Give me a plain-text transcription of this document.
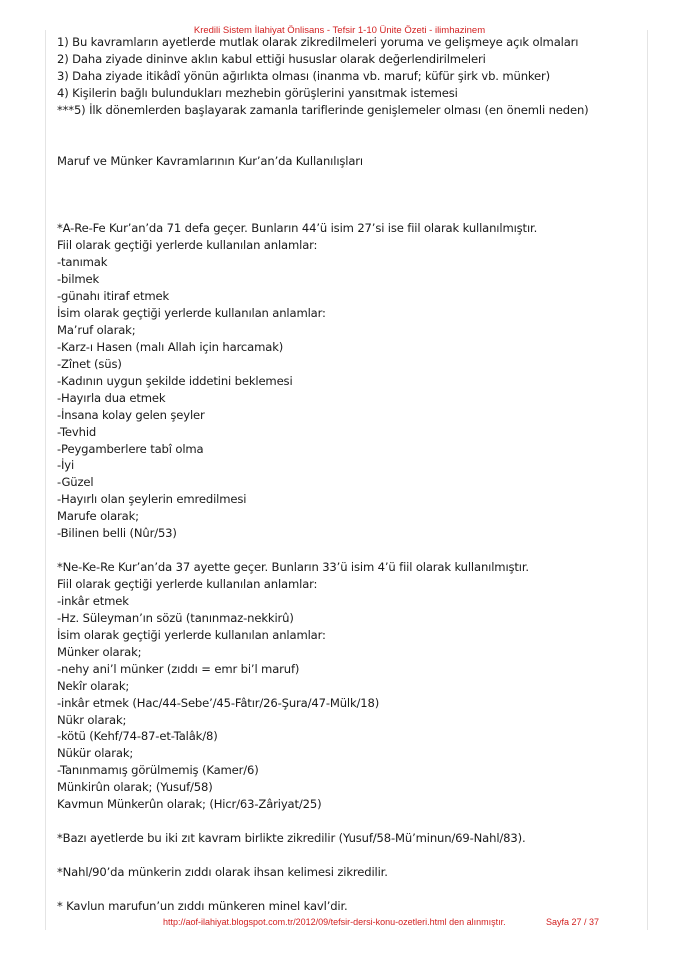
Kredili Sistem İlahiyat Önlisans - Tefsir 1-10 Ünite Özeti - ilimhazinem
1) Bu kavramların ayetlerde mutlak olarak zikredilmeleri yoruma ve gelişmeye açık olmaları
2) Daha ziyade dininve aklın kabul ettiği hususlar olarak değerlendirilmeleri
3) Daha ziyade itikâdî yönün ağırlıkta olması (inanma vb. maruf; küfür şirk vb. münker)
4) Kişilerin bağlı bulundukları mezhebin görüşlerini yansıtmak istemesi
***5) İlk dönemlerden başlayarak zamanla tariflerinde genişlemeler olması (en önemli neden)
Maruf ve Münker Kavramlarının Kur’an’da Kullanılışları
*A-Re-Fe Kur’an’da 71 defa geçer. Bunların 44’ü isim 27’si ise fiil olarak kullanılmıştır.
Fiil olarak geçtiği yerlerde kullanılan anlamlar:
-tanımak
-bilmek
-günahı itiraf etmek
İsim olarak geçtiği yerlerde kullanılan anlamlar:
Ma’ruf olarak;
-Karz-ı Hasen (malı Allah için harcamak)
-Zînet (süs)
-Kadının uygun şekilde iddetini beklemesi
-Hayırla dua etmek
-İnsana kolay gelen şeyler
-Tevhid
-Peygamberlere tabî olma
-İyi
-Güzel
-Hayırlı olan şeylerin emredilmesi
Marufe olarak;
-Bilinen belli (Nûr/53)
*Ne-Ke-Re Kur’an’da 37 ayette geçer. Bunların 33’ü isim 4’ü fiil olarak kullanılmıştır.
Fiil olarak geçtiği yerlerde kullanılan anlamlar:
-inkâr etmek
-Hz. Süleyman’ın sözü (tanınmaz-nekkirû)
İsim olarak geçtiği yerlerde kullanılan anlamlar:
Münker olarak;
-nehy ani’l münker (zıddı = emr bi’l maruf)
Nekîr olarak;
-inkâr etmek (Hac/44-Sebe’/45-Fâtır/26-Şura/47-Mülk/18)
Nükr olarak;
-kötü (Kehf/74-87-et-Talâk/8)
Nükür olarak;
-Tanınmamış görülmemiş (Kamer/6)
Münkirûn olarak; (Yusuf/58)
Kavmun Münkerûn olarak; (Hicr/63-Zâriyat/25)
*Bazı ayetlerde bu iki zıt kavram birlikte zikredilir (Yusuf/58-Mü’minun/69-Nahl/83).
*Nahl/90’da münkerin zıddı olarak ihsan kelimesi zikredilir.
* Kavlun marufun’un zıddı münkeren minel kavl’dir.
http://aof-ilahiyat.blogspot.com.tr/2012/09/tefsir-dersi-konu-ozetleri.html den alınmıştır.	Sayfa 27 / 37
